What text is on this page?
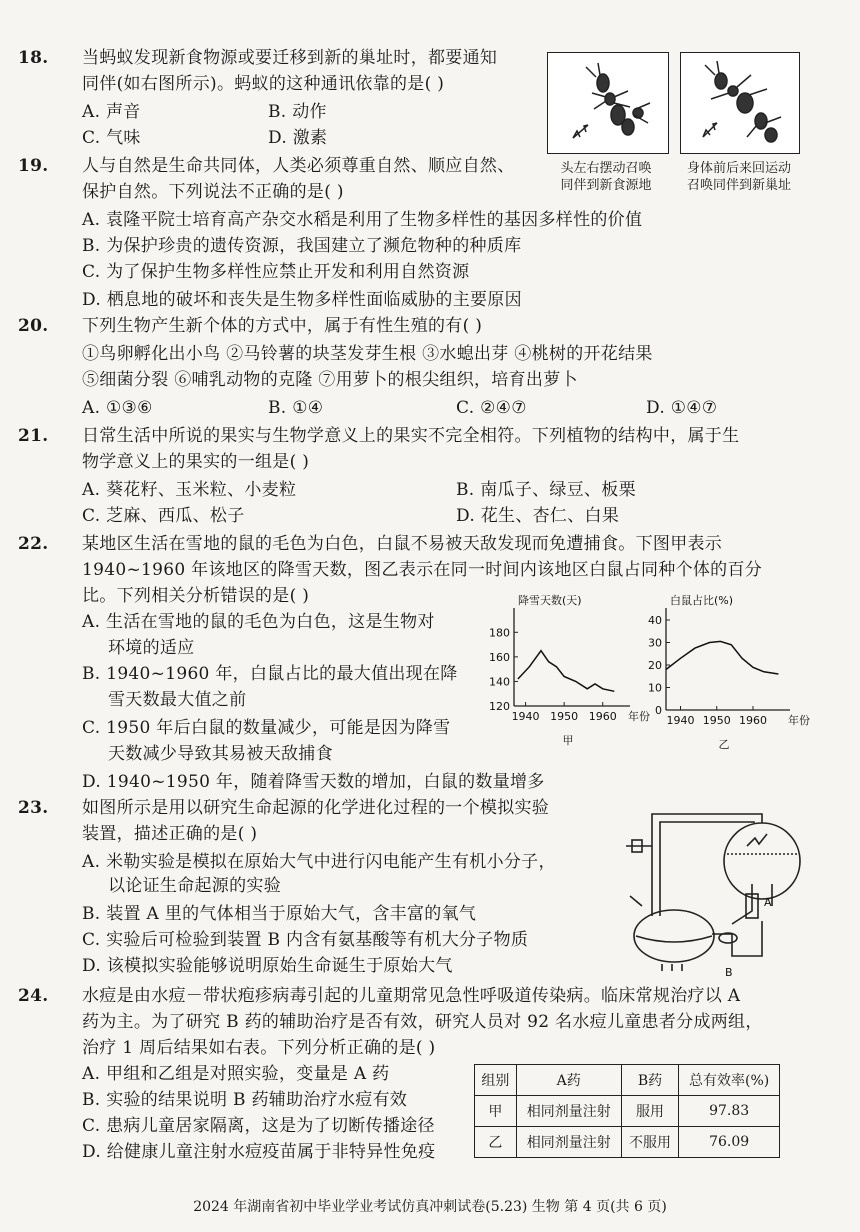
18. 当蚂蚁发现新食物源或要迁移到新的巢址时，都要通知
同伴(如右图所示)。蚂蚁的这种通讯依靠的是( )
A. 声音	B. 动作
C. 气味	D. 激素
头左右摆动召唤
同伴到新食源地
身体前后来回运动
召唤同伴到新巢址
19. 人与自然是生命共同体，人类必须尊重自然、顺应自然、
保护自然。下列说法不正确的是( )
A. 袁隆平院士培育高产杂交水稻是利用了生物多样性的基因多样性的价值
B. 为保护珍贵的遗传资源，我国建立了濒危物种的种质库
C. 为了保护生物多样性应禁止开发和利用自然资源
D. 栖息地的破坏和丧失是生物多样性面临威胁的主要原因
20. 下列生物产生新个体的方式中，属于有性生殖的有( )
①鸟卵孵化出小鸟 ②马铃薯的块茎发芽生根 ③水螅出芽 ④桃树的开花结果
⑤细菌分裂 ⑥哺乳动物的克隆 ⑦用萝卜的根尖组织，培育出萝卜
A. ①③⑥	B. ①④	C. ②④⑦	D. ①④⑦
21. 日常生活中所说的果实与生物学意义上的果实不完全相符。下列植物的结构中，属于生
物学意义上的果实的一组是( )
A. 葵花籽、玉米粒、小麦粒	B. 南瓜子、绿豆、板栗
C. 芝麻、西瓜、松子	D. 花生、杏仁、白果
22. 某地区生活在雪地的鼠的毛色为白色，白鼠不易被天敌发现而免遭捕食。下图甲表示
1940~1960 年该地区的降雪天数，图乙表示在同一时间内该地区白鼠占同种个体的百分
比。下列相关分析错误的是( )
A. 生活在雪地的鼠的毛色为白色，这是生物对
环境的适应
B. 1940~1960 年，白鼠占比的最大值出现在降
雪天数最大值之前
C. 1950 年后白鼠的数量减少，可能是因为降雪
天数减少导致其易被天敌捕食
D. 1940~1950 年，随着降雪天数的增加，白鼠的数量增多
降雪天数(天)
120
140
160
180
1940 1950 1960 年份
甲
白鼠占比(%)
0
10
20
30
40
1940 1950 1960 年份
乙
23. 如图所示是用以研究生命起源的化学进化过程的一个模拟实验
装置，描述正确的是( )
A. 米勒实验是模拟在原始大气中进行闪电能产生有机小分子，
以论证生命起源的实验
B. 装置 A 里的气体相当于原始大气，含丰富的氧气
C. 实验后可检验到装置 B 内含有氨基酸等有机大分子物质
D. 该模拟实验能够说明原始生命诞生于原始大气
A
B
24. 水痘是由水痘－带状疱疹病毒引起的儿童期常见急性呼吸道传染病。临床常规治疗以 A
药为主。为了研究 B 药的辅助治疗是否有效，研究人员对 92 名水痘儿童患者分成两组，
治疗 1 周后结果如右表。下列分析正确的是( )
A. 甲组和乙组是对照实验，变量是 A 药
B. 实验的结果说明 B 药辅助治疗水痘有效
C. 患病儿童居家隔离，这是为了切断传播途径
D. 给健康儿童注射水痘疫苗属于非特异性免疫
组别	A药	B药	总有效率(%)
甲	相同剂量注射	服用	97.83
乙	相同剂量注射	不服用	76.09
2024 年湖南省初中毕业学业考试仿真冲刺试卷(5.23) 生物 第 4 页(共 6 页)
